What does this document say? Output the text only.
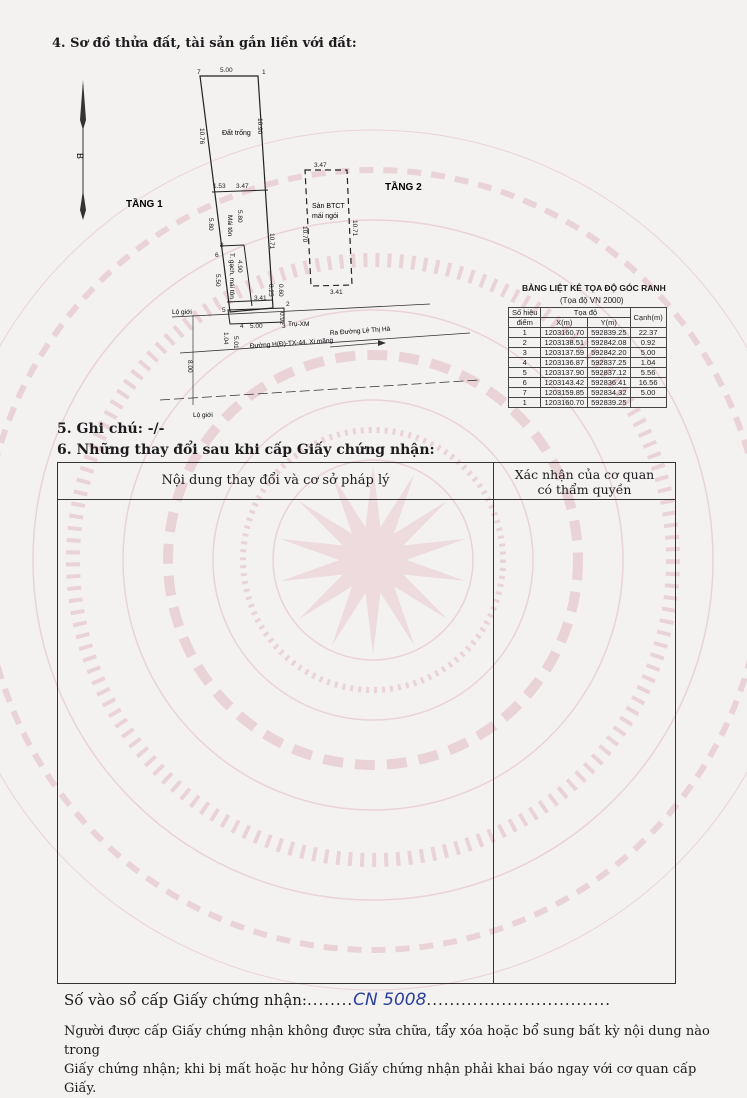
4. Sơ đồ thửa đất, tài sản gắn liền với đất:
B
TẦNG 1
TẦNG 2
Đất trống
Sàn BTCT
mái ngói
Mái tôn
T. gạch, mái tôn
Lộ giới
Lộ giới
Trụ-XM
Đường H(Đ)-TX-44, Xi măng
Ra Đường Lê Thị Hà
5.00
10.76
10.90
1.53 3.47
5.80
5.80
5.50
4.90
10.71
0.25
3.41
0.60
0.92
5.00
1.04 5.01
8.00
3.47
10.70	10.71
3.41
7	1
6
5
2
4	3
8
BẢNG LIỆT KÊ TỌA ĐỘ GÓC RANH
(Tọa độ VN 2000)
Số hiệu	Tọa độ		Cạnh(m)
điểm	X(m)	Y(m)	
1	1203160.70	592839.25	22.37
2	1203138.51	592842.08	0.92
3	1203137.59	592842.20	5.00
4	1203136.87	592837.25	1.04
5	1203137.90	592837.12	5.56
6	1203143.42	592836.41	16.56
7	1203159.85	592834.32	5.00
1	1203160.70	592839.25	
5. Ghi chú: -/-
6. Những thay đổi sau khi cấp Giấy chứng nhận:
Nội dung thay đổi và cơ sở pháp lý	Xác nhận của cơ quan
có thẩm quyền
Số vào sổ cấp Giấy chứng nhận:........CN 5008................................
Người được cấp Giấy chứng nhận không được sửa chữa, tẩy xóa hoặc bổ sung bất kỳ nội dung nào trong
Giấy chứng nhận; khi bị mất hoặc hư hỏng Giấy chứng nhận phải khai báo ngay với cơ quan cấp Giấy.
